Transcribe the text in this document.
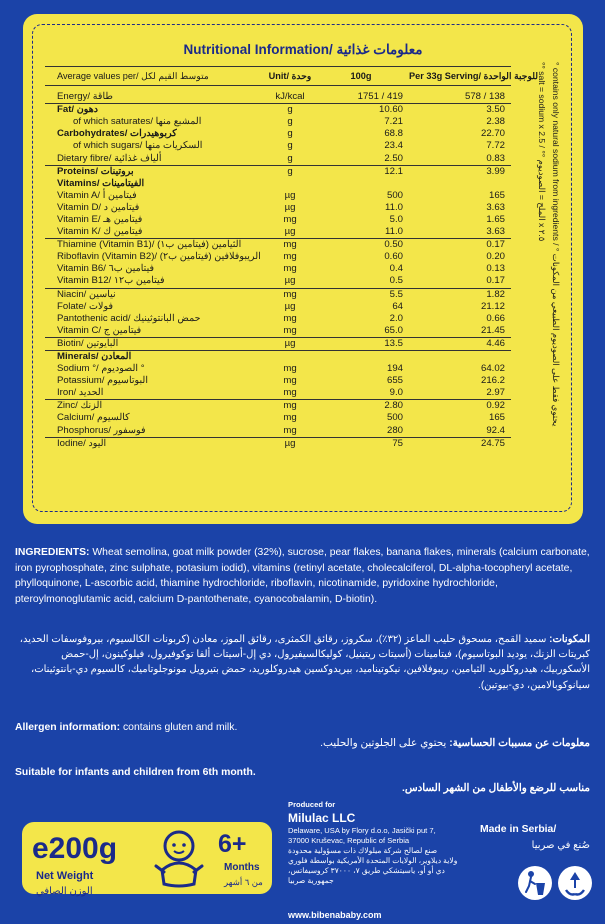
Nutritional Information/ معلومات غذائية
Average values per/ متوسط القيم لكل	Unit/ وحدة	100g	Per 33g Serving/ للوجبة الواحدة

Energy/ طاقة	kJ/kcal	1751 / 419	578 / 138
Fat/ دهون	g	10.60	3.50
of which saturates/ المشبع منها	g	7.21	2.38
Carbohydrates/ كربوهيدرات	g	68.8	22.70
of which sugars/ السكريات منها	g	23.4	7.72
Dietary fibre/ ألياف غذائية	g	2.50	0.83
Proteins/ بروتينات	g	12.1	3.99
Vitamins/ الفيتامينات			
Vitamin A/ فيتامين أ	µg	500	165
Vitamin D/ فيتامين د	µg	11.0	3.63
Vitamin E/ فيتامين هـ	mg	5.0	1.65
Vitamin K/ فيتامين ك	µg	11.0	3.63
Thiamine (Vitamin B1)/ الثيامين (فيتامين ب١)	mg	0.50	0.17
Riboflavin (Vitamin B2)/ الريبوفلافين (فيتامين ب٢)	mg	0.60	0.20
Vitamin B6/ فيتامين ب٦	mg	0.4	0.13
Vitamin B12/ فيتامين ب١٢	µg	0.5	0.17
Niacin/ نياسين	mg	5.5	1.82
Folate/ فولات	µg	64	21.12
Pantothenic acid/ حمض البانتوثينيك	mg	2.0	0.66
Vitamin C/ فيتامين ج	mg	65.0	21.45
Biotin/ البايوتين	µg	13.5	4.46
Minerals/ المعادن			
Sodium °/ الصوديوم °	mg	194	64.02
Potassium/ البوتاسيوم	mg	655	216.2
Iron/ الحديد	mg	9.0	2.97
Zinc/ الزنك	mg	2.80	0.92
Calcium/ كالسيوم	mg	500	165
Phosphorus/ فوسفور	mg	280	92.4
Iodine/ اليود	µg	75	24.75
° contains only natural sodium from ingredients / ° يحتوي فقط على الصوديوم الطبيعي من المكونات
°° salt = sodium x 2.5 / °° الملح = الصوديوم x ٢.٥
INGREDIENTS: Wheat semolina, goat milk powder (32%), sucrose, pear flakes, banana flakes, minerals (calcium carbonate, iron pyrophosphate, zinc sulphate, potasium iodid), vitamins (retinyl acetate, cholecalciferol, DL-alpha-tocopheryl acetate, phylloquinone, L-ascorbic acid, thiamine hydrochloride, riboflavin, nicotinamide, pyridoxine hydrochloride, pteroylmonoglutamic acid, calcium D-pantothenate, cyanocobalamin, D-biotin).
المكونات: سميد القمح، مسحوق حليب الماعز (٣٢٪)، سكروز، رقائق الكمثرى، رقائق الموز، معادن (كربونات الكالسيوم، بيروفوسفات الحديد، كبريتات الزنك، يوديد البوتاسيوم)، فيتامينات (أسيتات ريتينيل، كوليكالسيفيرول، دي إل-أسيتات ألفا توكوفيرول، فيلوكينون، إل-حمض الأسكوربيك، هيدروكلوريد الثيامين، ريبوفلافين، نيكوتيناميد، بيريدوكسين هيدروكلوريد، حمض بتيرويل مونوجلوتاميك، كالسيوم دي-بانتوثينات، سيانوكوبالامين، دي-بيوتين).
Allergen information: contains gluten and milk.
معلومات عن مسببات الحساسية: يحتوي على الجلوتين والحليب.
Suitable for infants and children from 6th month.
مناسب للرضع والأطفال من الشهر السادس.
e200g
Net Weight
الوزن الصافي
6+
Months
من ٦ أشهر
Produced for
Milulac LLC
Delaware, USA by Flory d.o.o, Jasički put 7,
37000 Kruševac, Republic of Serbia
صنع لصالح شركة ميلولاك ذات مسؤولية محدودة
ولاية ديلاوير، الولايات المتحدة الأمريكية بواسطة فلوري
دي أو أو، ياسيتشكي طريق ٧، ٣٧٠٠٠ كروسيفاتس،
جمهورية صربيا
www.bibenababy.com
Made in Serbia/
صُنع في صربيا
